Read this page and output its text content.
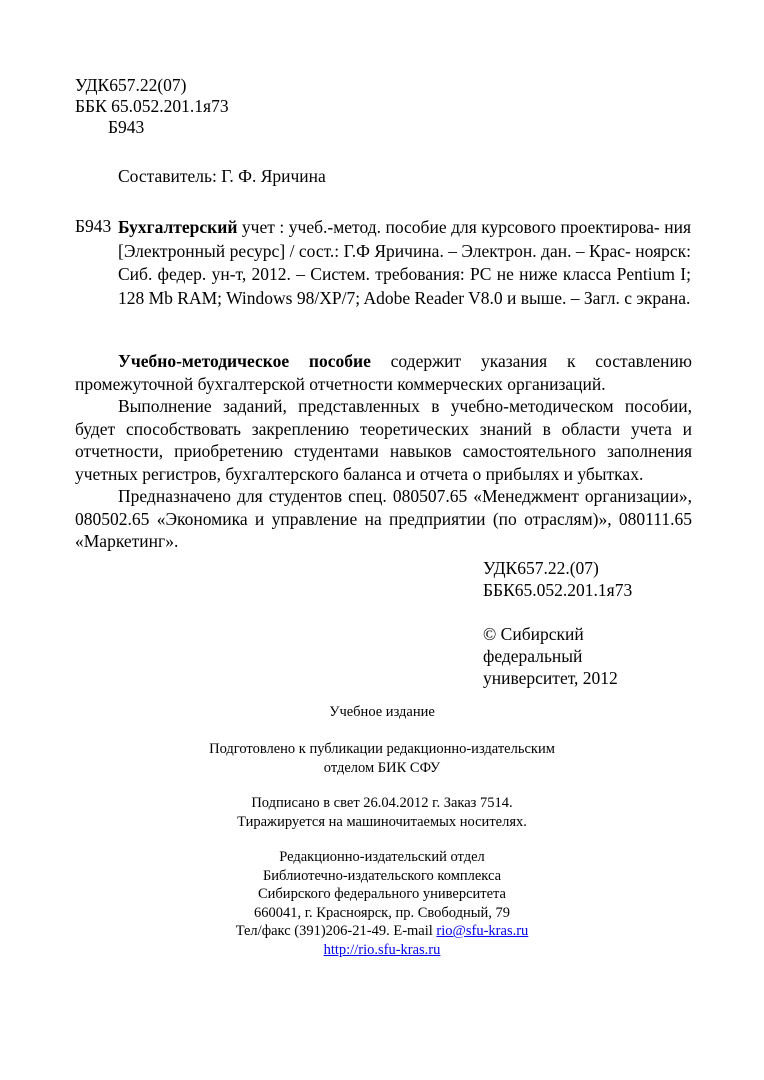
УДК657.22(07)
ББК 65.052.201.1я73
Б943
Составитель: Г. Ф. Яричина
Б943 Бухгалтерский учет : учеб.-метод. пособие для курсового проектирова- ния [Электронный ресурс] / сост.: Г.Ф Яричина. – Электрон. дан. – Крас- ноярск: Сиб. федер. ун-т, 2012. – Систем. требования: PC не ниже класса Pentium I; 128 Mb RAM; Windows 98/XP/7; Adobe Reader V8.0 и выше. – Загл. с экрана.

Учебно-методическое пособие содержит указания к составлению промежуточной бухгалтерской отчетности коммерческих организаций.

Выполнение заданий, представленных в учебно-методическом пособии, будет способствовать закреплению теоретических знаний в области учета и отчетности, приобретению студентами навыков самостоятельного заполнения учетных регистров, бухгалтерского баланса и отчета о прибылях и убытках.

Предназначено для студентов спец. 080507.65 «Менеджмент организации», 080502.65 «Экономика и управление на предприятии (по отраслям)», 080111.65 «Маркетинг».

УДК657.22.(07)
ББК65.052.201.1я73
© Сибирский
федеральный
университет, 2012
Учебное издание
Подготовлено к публикации редакционно-издательским
отделом БИК СФУ
Подписано в свет 26.04.2012 г. Заказ 7514.
Тиражируется на машиночитаемых носителях.
Редакционно-издательский отдел
Библиотечно-издательского комплекса
Сибирского федерального университета
660041, г. Красноярск, пр. Свободный, 79
Тел/факс (391)206-21-49. E-mail rio@sfu-kras.ru
http://rio.sfu-kras.ru
